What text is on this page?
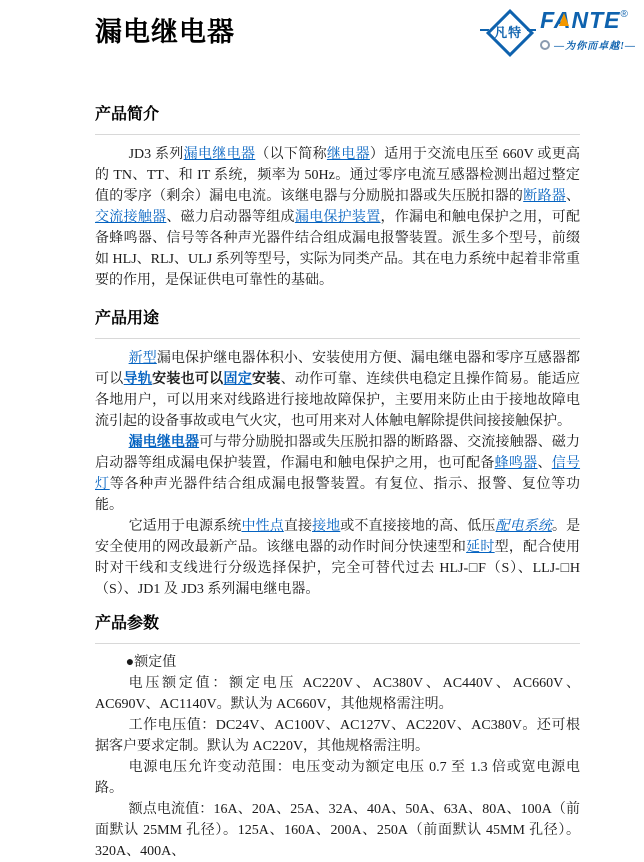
漏电继电器	凡特 FANTE®
—为你而卓越!—
产品简介

JD3 系列漏电继电器（以下简称继电器）适用于交流电压至 660V 或更高的 TN、TT、和 IT 系统，频率为 50Hz。通过零序电流互感器检测出超过整定值的零序（剩余）漏电电流。该继电器与分励脱扣器或失压脱扣器的断路器、交流接触器、磁力启动器等组成漏电保护装置，作漏电和触电保护之用，可配备蜂鸣器、信号等各种声光器件结合组成漏电报警装置。派生多个型号，前缀如 HLJ、RLJ、ULJ 系列等型号，实际为同类产品。其在电力系统中起着非常重要的作用，是保证供电可靠性的基础。

产品用途

新型漏电保护继电器体积小、安装使用方便、漏电继电器和零序互感器都可以导轨安装也可以固定安装、动作可靠、连续供电稳定且操作简易。能适应各地用户，可以用来对线路进行接地故障保护，主要用来防止由于接地故障电流引起的设备事故或电气火灾，也可用来对人体触电解除提供间接接触保护。

漏电继电器可与带分励脱扣器或失压脱扣器的断路器、交流接触器、磁力启动器等组成漏电保护装置，作漏电和触电保护之用，也可配备蜂鸣器、信号灯等各种声光器件结合组成漏电报警装置。有复位、指示、报警、复位等功能。

它适用于电源系统中性点直接接地或不直接接地的高、低压配电系统。是安全使用的网改最新产品。该继电器的动作时间分快速型和延时型，配合使用时对干线和支线进行分级选择保护，完全可替代过去 HLJ-□F（S）、LLJ-□H（S）、JD1 及 JD3 系列漏电继电器。

产品参数

●额定值

电压额定值：额定电压 AC220V、AC380V、AC440V、AC660V、AC690V、AC1140V。默认为 AC660V，其他规格需注明。

工作电压值：DC24V、AC100V、AC127V、AC220V、AC380V。还可根据客户要求定制。默认为 AC220V，其他规格需注明。

电源电压允许变动范围：电压变动为额定电压 0.7 至 1.3 倍或宽电源电路。

额点电流值：16A、20A、25A、32A、40A、50A、63A、80A、100A（前面默认 25MM 孔径）。125A、160A、200A、250A（前面默认 45MM 孔径）。320A、400A、
